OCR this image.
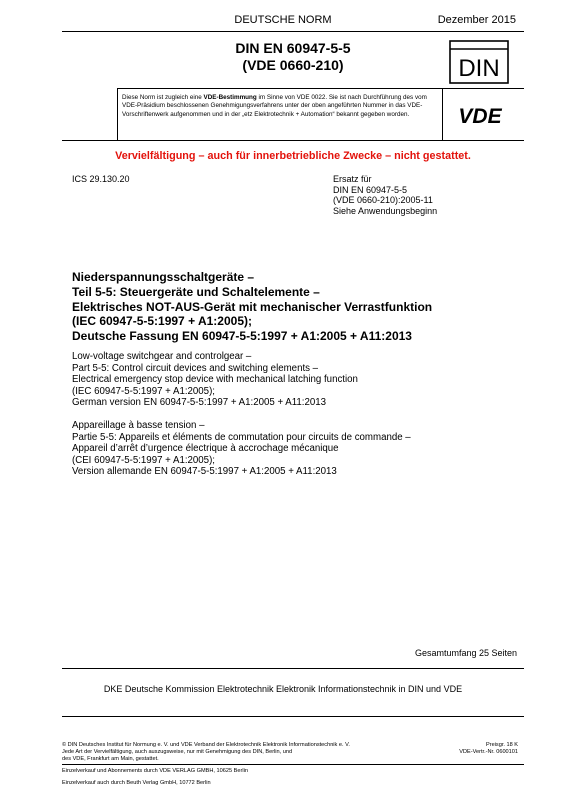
DEUTSCHE NORM	Dezember 2015
DIN EN 60947-5-5
(VDE 0660-210)	DIN
Diese Norm ist zugleich eine VDE-Bestimmung im Sinne von VDE 0022. Sie ist nach Durchführung des vom VDE-Präsidium beschlossenen Genehmigungsverfahrens unter der oben angeführten Nummer in das VDE-Vorschriftenwerk aufgenommen und in der „etz Elektrotechnik + Automation“ bekannt gegeben worden.	VDE
Vervielfältigung – auch für innerbetriebliche Zwecke – nicht gestattet.
ICS 29.130.20	Ersatz für
DIN EN 60947-5-5
(VDE 0660-210):2005-11
Siehe Anwendungsbeginn
Niederspannungsschaltgeräte –
Teil 5-5: Steuergeräte und Schaltelemente –
Elektrisches NOT-AUS-Gerät mit mechanischer Verrastfunktion
(IEC 60947-5-5:1997 + A1:2005);
Deutsche Fassung EN 60947-5-5:1997 + A1:2005 + A11:2013
Low-voltage switchgear and controlgear –
Part 5-5: Control circuit devices and switching elements –
Electrical emergency stop device with mechanical latching function
(IEC 60947-5-5:1997 + A1:2005);
German version EN 60947-5-5:1997 + A1:2005 + A11:2013
Appareillage à basse tension –
Partie 5-5: Appareils et éléments de commutation pour circuits de commande –
Appareil d’arrêt d’urgence électrique à accrochage mécanique
(CEI 60947-5-5:1997 + A1:2005);
Version allemande EN 60947-5-5:1997 + A1:2005 + A11:2013
Gesamtumfang 25 Seiten
DKE Deutsche Kommission Elektrotechnik Elektronik Informationstechnik in DIN und VDE
© DIN Deutsches Institut für Normung e. V. und VDE Verband der Elektrotechnik Elektronik Informationstechnik e. V.
Jede Art der Vervielfältigung, auch auszugsweise, nur mit Genehmigung des DIN, Berlin, und
des VDE, Frankfurt am Main, gestattet.
Preisgr. 18 K
VDE-Vertr.-Nr. 0600101
Einzelverkauf und Abonnements durch VDE VERLAG GMBH, 10625 Berlin
Einzelverkauf auch durch Beuth Verlag GmbH, 10772 Berlin
